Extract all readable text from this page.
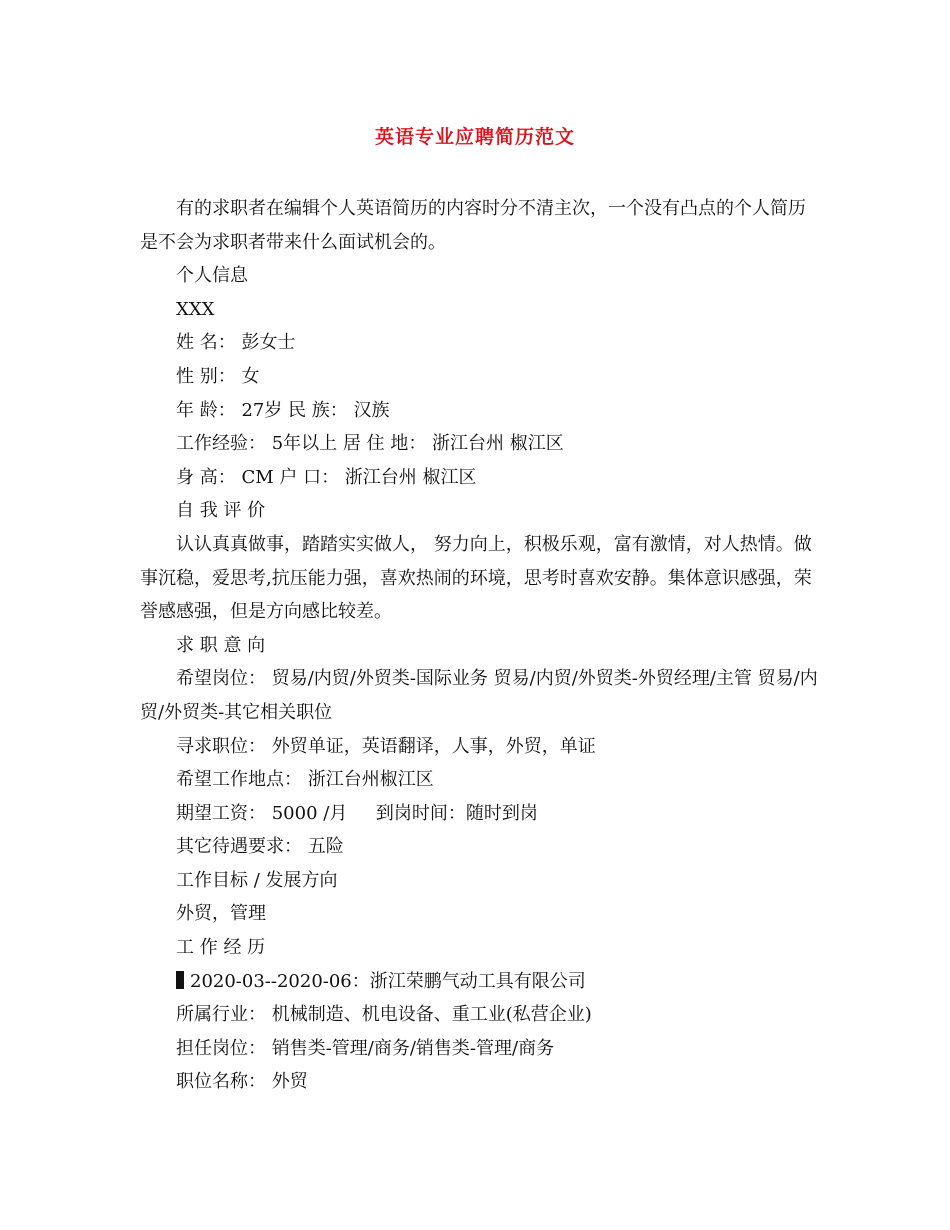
英语专业应聘简历范文

有的求职者在编辑个人英语简历的内容时分不清主次，一个没有凸点的个人简历是不会为求职者带来什么面试机会的。

个人信息

XXX

姓 名： 彭女士

性 别： 女

年 龄： 27岁 民 族： 汉族

工作经验： 5年以上 居 住 地： 浙江台州 椒江区

身 高： CM 户 口： 浙江台州 椒江区

自 我 评 价

认认真真做事，踏踏实实做人， 努力向上，积极乐观，富有激情，对人热情。做事沉稳，爱思考,抗压能力强，喜欢热闹的环境，思考时喜欢安静。集体意识感强，荣誉感感强，但是方向感比较差。

求 职 意 向

希望岗位： 贸易/内贸/外贸类-国际业务 贸易/内贸/外贸类-外贸经理/主管 贸易/内贸/外贸类-其它相关职位

寻求职位： 外贸单证，英语翻译，人事，外贸，单证

希望工作地点： 浙江台州椒江区

期望工资： 5000 /月     到岗时间：随时到岗

其它待遇要求： 五险

工作目标 / 发展方向

外贸，管理

工 作 经 历

2020-03--2020-06：浙江荣鹏气动工具有限公司

所属行业： 机械制造、机电设备、重工业(私营企业)

担任岗位： 销售类-管理/商务/销售类-管理/商务

职位名称： 外贸
